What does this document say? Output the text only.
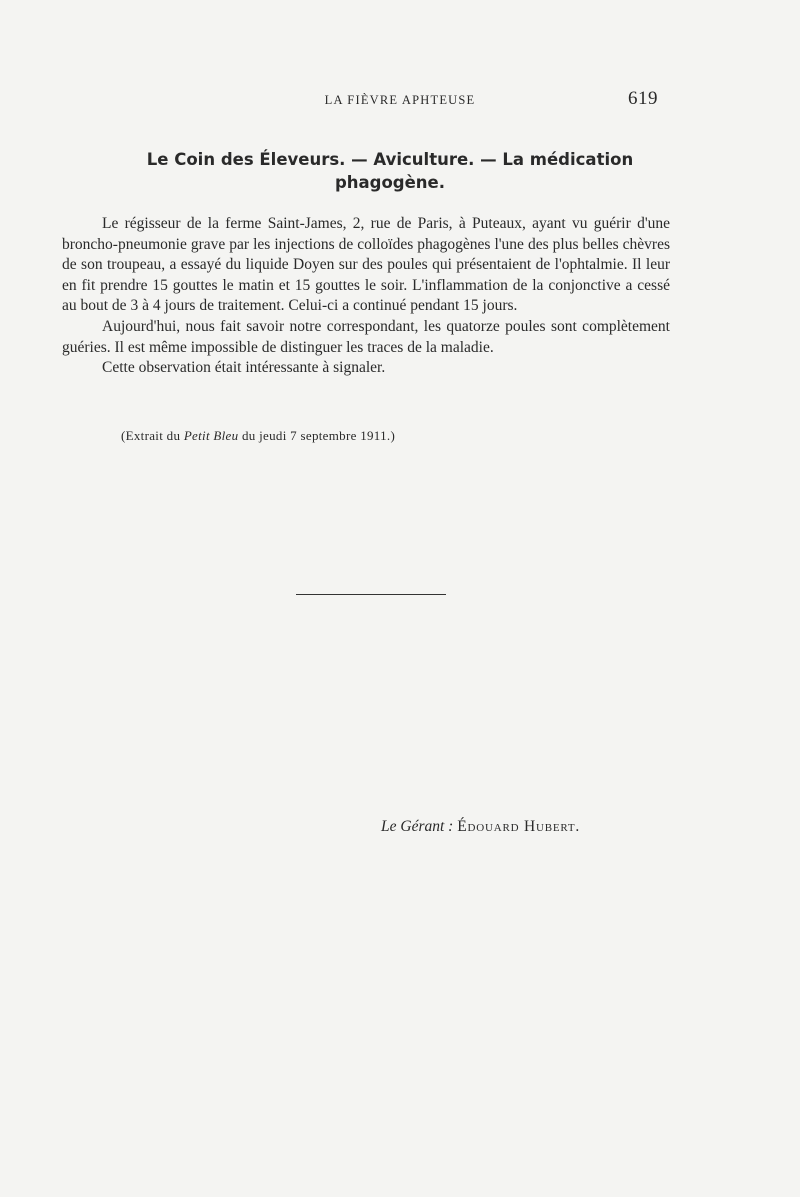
LA FIÈVRE APHTEUSE	619
Le Coin des Éleveurs. — Aviculture. — La médication
phagogène.

Le régisseur de la ferme Saint-James, 2, rue de Paris, à Puteaux, ayant vu guérir d'une broncho-pneumonie grave par les injections de colloïdes phagogènes l'une des plus belles chèvres de son troupeau, a essayé du liquide Doyen sur des poules qui présentaient de l'ophtalmie. Il leur en fit prendre 15 gouttes le matin et 15 gouttes le soir. L'inflammation de la conjonctive a cessé au bout de 3 à 4 jours de traitement. Celui-ci a continué pendant 15 jours.

Aujourd'hui, nous fait savoir notre correspondant, les quatorze poules sont complètement guéries. Il est même impossible de distinguer les traces de la maladie.

Cette observation était intéressante à signaler.

(Extrait du Petit Bleu du jeudi 7 septembre 1911.)
Le Gérant : Édouard Hubert.
